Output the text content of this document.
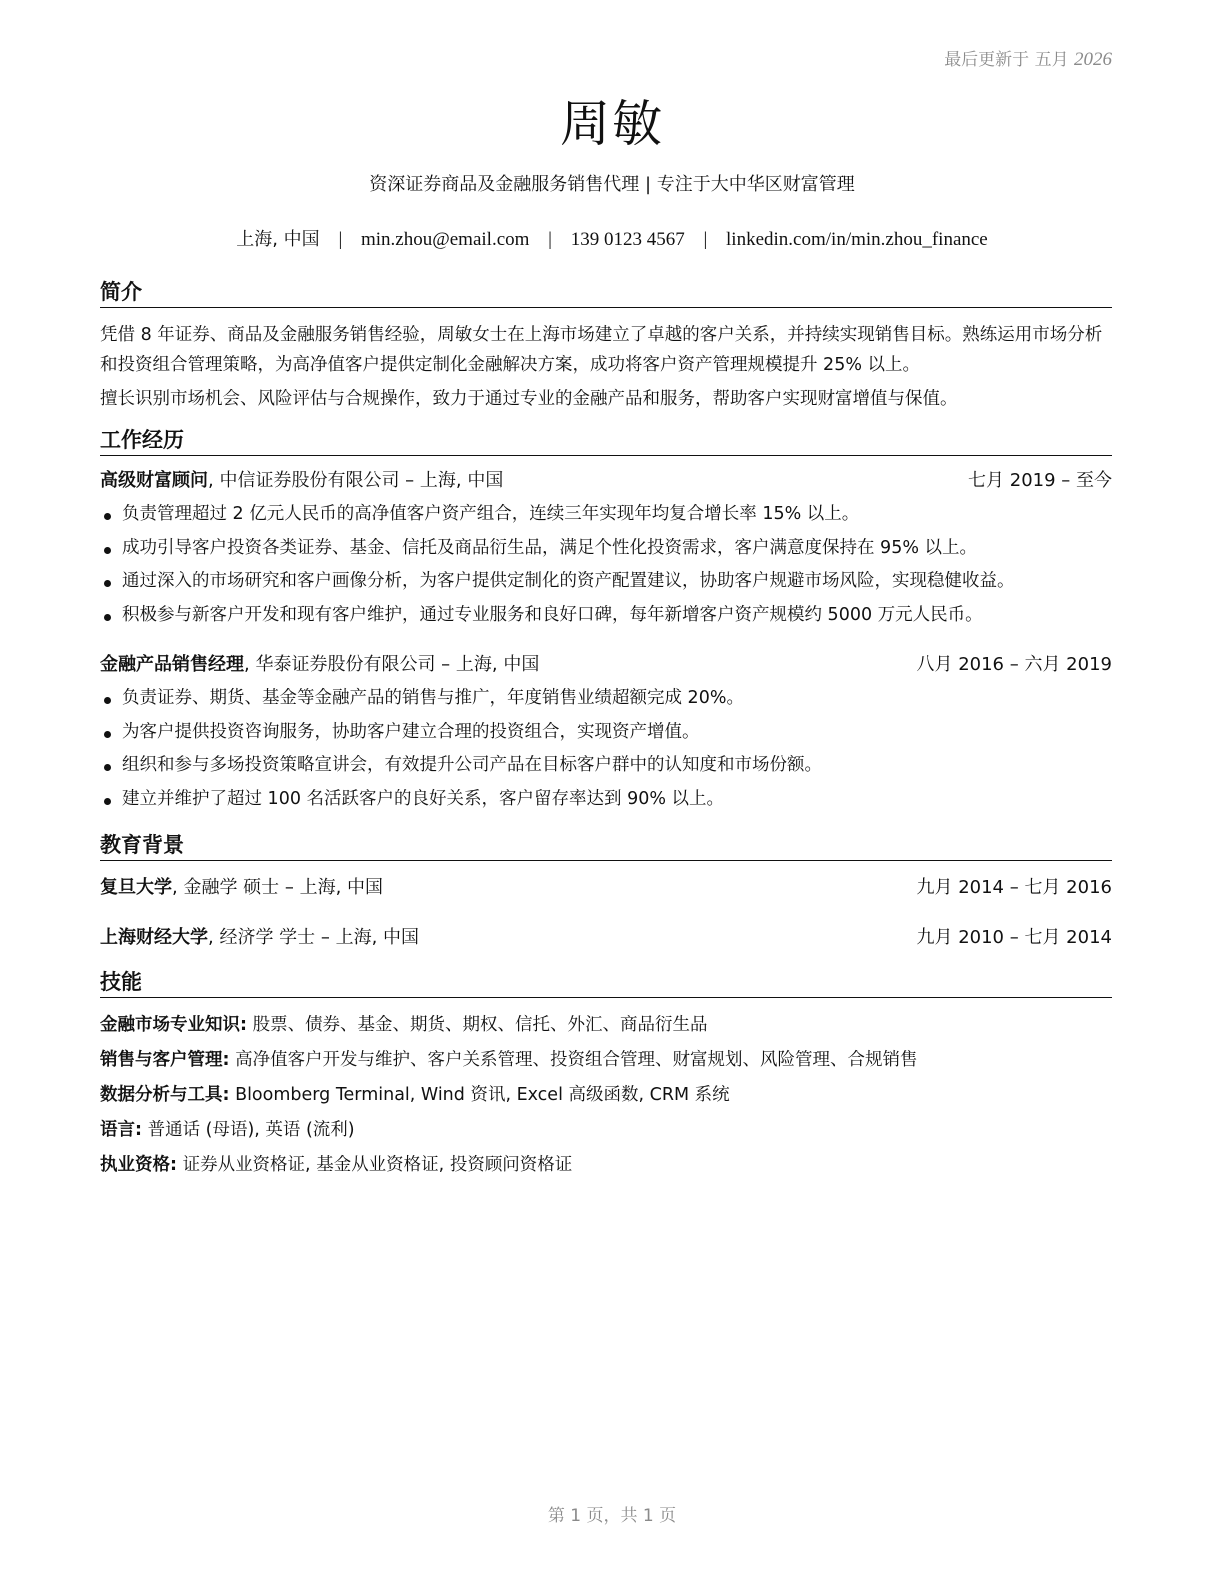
最后更新于 五月 2026
周敏
资深证券商品及金融服务销售代理 | 专注于大中华区财富管理
上海, 中国 | min.zhou@email.com | 139 0123 4567 | linkedin.com/in/min.zhou_finance
简介

凭借 8 年证券、商品及金融服务销售经验，周敏女士在上海市场建立了卓越的客户关系，并持续实现销售目标。熟练运用市场分析和投资组合管理策略，为高净值客户提供定制化金融解决方案，成功将客户资产管理规模提升 25% 以上。

擅长识别市场机会、风险评估与合规操作，致力于通过专业的金融产品和服务，帮助客户实现财富增值与保值。

工作经历
高级财富顾问, 中信证券股份有限公司 – 上海, 中国	七月 2019 – 至今
负责管理超过 2 亿元人民币的高净值客户资产组合，连续三年实现年均复合增长率 15% 以上。
成功引导客户投资各类证券、基金、信托及商品衍生品，满足个性化投资需求，客户满意度保持在 95% 以上。
通过深入的市场研究和客户画像分析，为客户提供定制化的资产配置建议，协助客户规避市场风险，实现稳健收益。
积极参与新客户开发和现有客户维护，通过专业服务和良好口碑，每年新增客户资产规模约 5000 万元人民币。
金融产品销售经理, 华泰证券股份有限公司 – 上海, 中国	八月 2016 – 六月 2019
负责证券、期货、基金等金融产品的销售与推广，年度销售业绩超额完成 20%。
为客户提供投资咨询服务，协助客户建立合理的投资组合，实现资产增值。
组织和参与多场投资策略宣讲会，有效提升公司产品在目标客户群中的认知度和市场份额。
建立并维护了超过 100 名活跃客户的良好关系，客户留存率达到 90% 以上。
教育背景
复旦大学, 金融学 硕士 – 上海, 中国	九月 2014 – 七月 2016
上海财经大学, 经济学 学士 – 上海, 中国	九月 2010 – 七月 2014
技能
金融市场专业知识: 股票、债券、基金、期货、期权、信托、外汇、商品衍生品
销售与客户管理: 高净值客户开发与维护、客户关系管理、投资组合管理、财富规划、风险管理、合规销售
数据分析与工具: Bloomberg Terminal, Wind 资讯, Excel 高级函数, CRM 系统
语言: 普通话 (母语), 英语 (流利)
执业资格: 证券从业资格证, 基金从业资格证, 投资顾问资格证
第 1 页，共 1 页
